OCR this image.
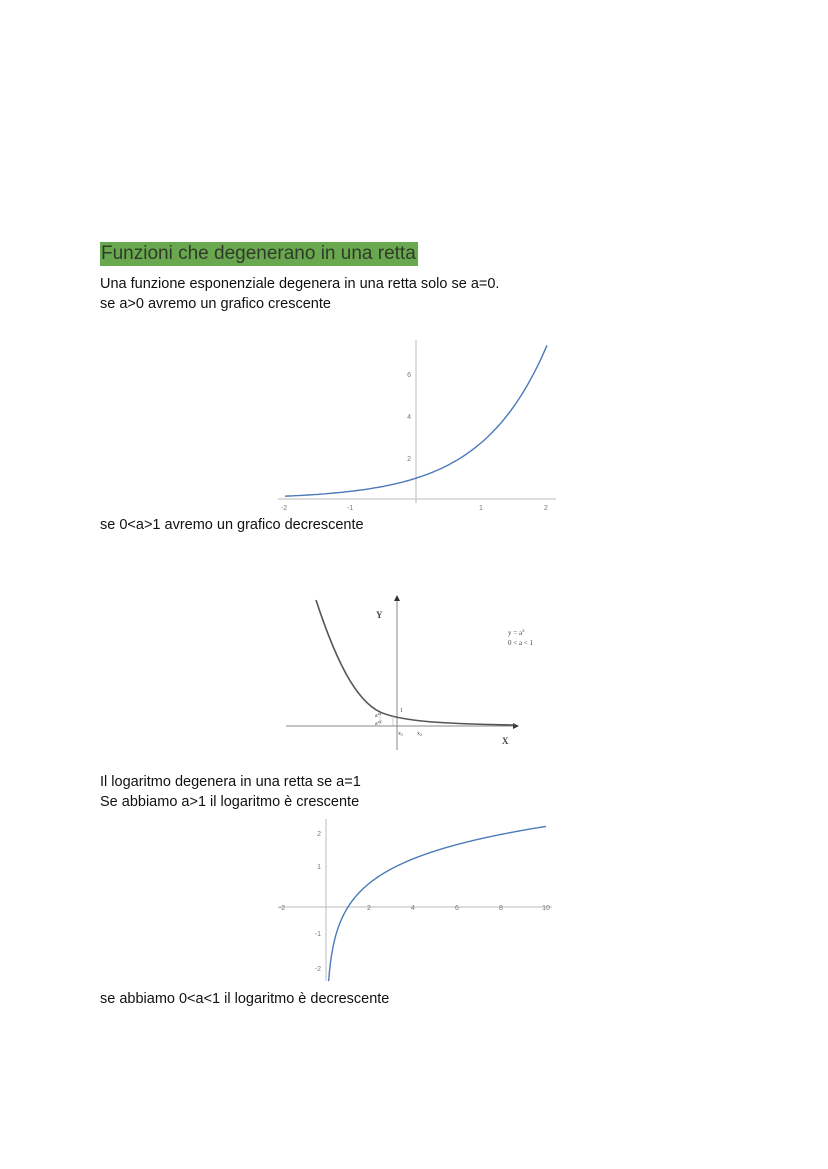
Funzioni che degenerano in una retta
Una funzione esponenziale degenera in una retta solo se a=0.
se a>0 avremo un grafico crescente
-2	-1	1	2
2
4
6
se 0<a>1 avremo un grafico decrescente
Y
X
1
$a^{x1}$
$a^{x2}$
x1 x2
$y = a^x$
0 < a < 1
Il logaritmo degenera in una retta se a=1
Se abbiamo a>1 il logaritmo è crescente
-2	2	4	6	8	10
2
1
-1
-2
se abbiamo 0<a<1 il logaritmo è decrescente
